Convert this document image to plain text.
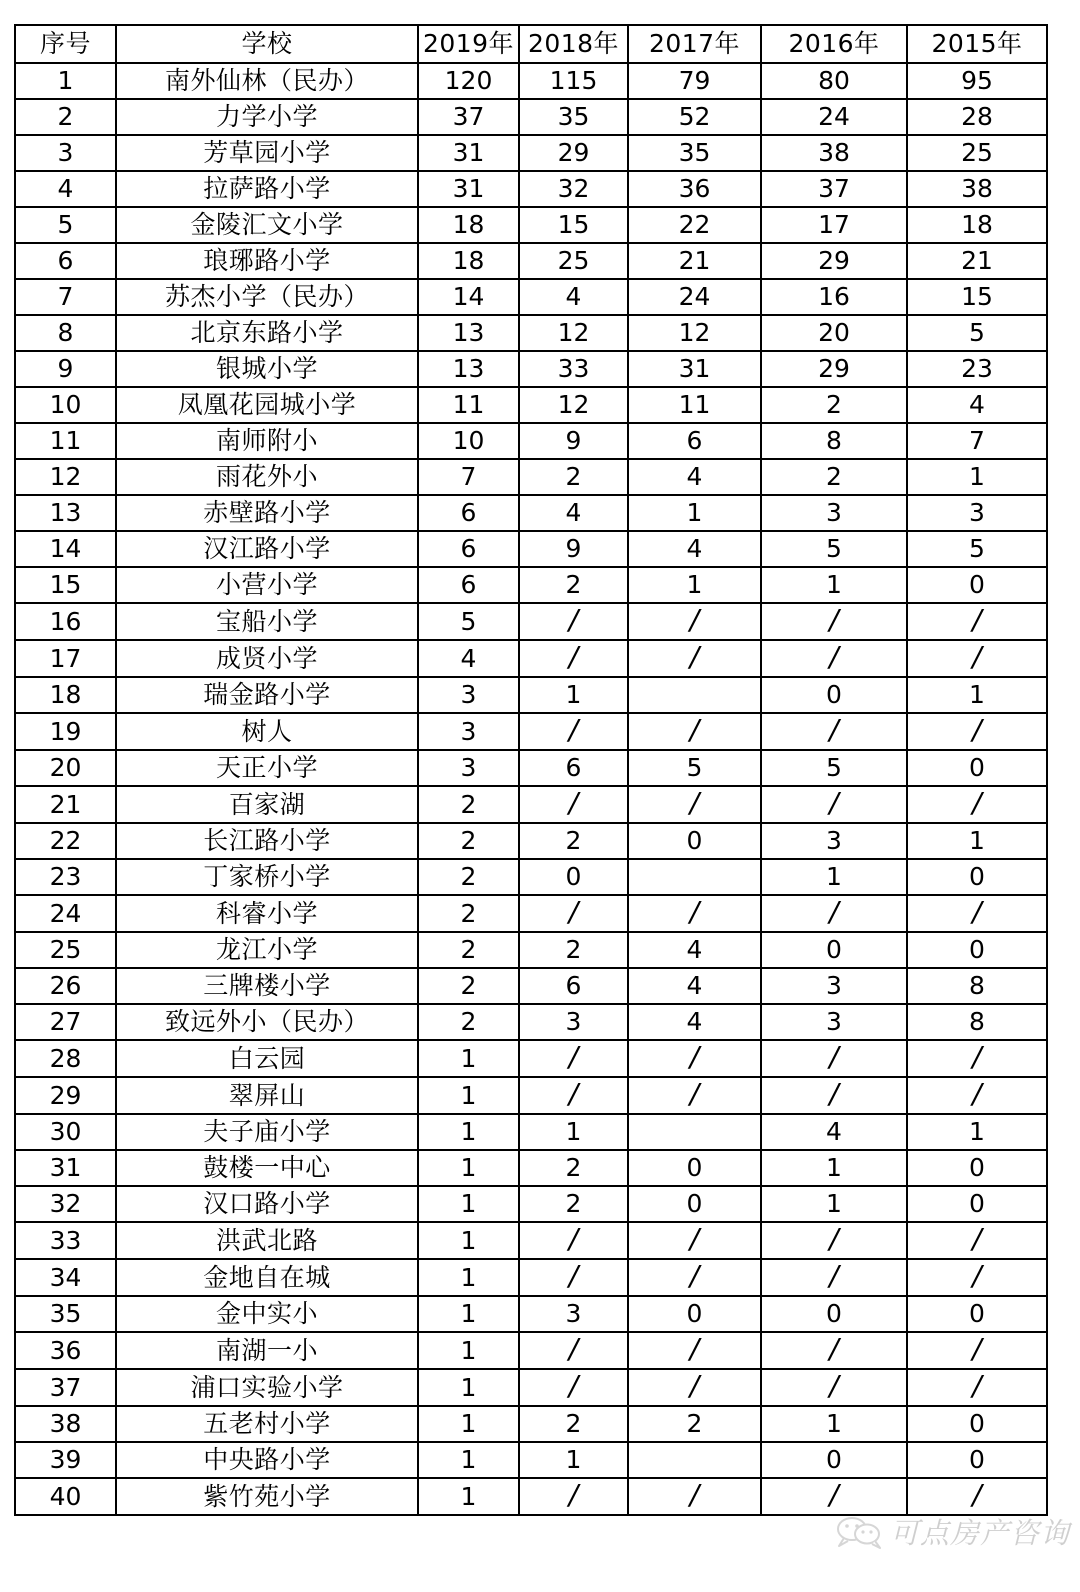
序号	学校	2019年	2018年	2017年	2016年	2015年
1	南外仙林（民办）	120	115	79	80	95
2	力学小学	37	35	52	24	28
3	芳草园小学	31	29	35	38	25
4	拉萨路小学	31	32	36	37	38
5	金陵汇文小学	18	15	22	17	18
6	琅琊路小学	18	25	21	29	21
7	苏杰小学（民办）	14	4	24	16	15
8	北京东路小学	13	12	12	20	5
9	银城小学	13	33	31	29	23
10	凤凰花园城小学	11	12	11	2	4
11	南师附小	10	9	6	8	7
12	雨花外小	7	2	4	2	1
13	赤壁路小学	6	4	1	3	3
14	汉江路小学	6	9	4	5	5
15	小营小学	6	2	1	1	0
16	宝船小学	5	/	/	/	/
17	成贤小学	4	/	/	/	/
18	瑞金路小学	3	1		0	1
19	树人	3	/	/	/	/
20	天正小学	3	6	5	5	0
21	百家湖	2	/	/	/	/
22	长江路小学	2	2	0	3	1
23	丁家桥小学	2	0		1	0
24	科睿小学	2	/	/	/	/
25	龙江小学	2	2	4	0	0
26	三牌楼小学	2	6	4	3	8
27	致远外小（民办）	2	3	4	3	8
28	白云园	1	/	/	/	/
29	翠屏山	1	/	/	/	/
30	夫子庙小学	1	1		4	1
31	鼓楼一中心	1	2	0	1	0
32	汉口路小学	1	2	0	1	0
33	洪武北路	1	/	/	/	/
34	金地自在城	1	/	/	/	/
35	金中实小	1	3	0	0	0
36	南湖一小	1	/	/	/	/
37	浦口实验小学	1	/	/	/	/
38	五老村小学	1	2	2	1	0
39	中央路小学	1	1		0	0
40	紫竹苑小学	1	/	/	/	/
可点房产咨询
